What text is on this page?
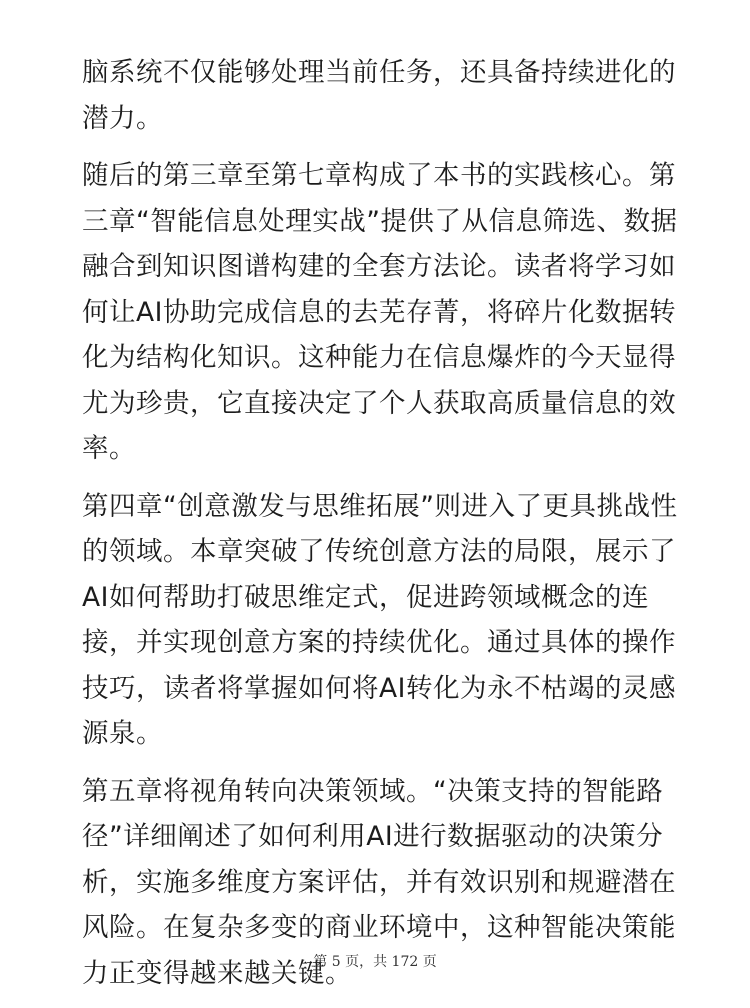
脑系统不仅能够处理当前任务，还具备持续进化的潜力。

随后的第三章至第七章构成了本书的实践核心。第三章“智能信息处理实战”提供了从信息筛选、数据融合到知识图谱构建的全套方法论。读者将学习如何让AI协助完成信息的去芜存菁，将碎片化数据转化为结构化知识。这种能力在信息爆炸的今天显得尤为珍贵，它直接决定了个人获取高质量信息的效率。

第四章“创意激发与思维拓展”则进入了更具挑战性的领域。本章突破了传统创意方法的局限，展示了AI如何帮助打破思维定式，促进跨领域概念的连接，并实现创意方案的持续优化。通过具体的操作技巧，读者将掌握如何将AI转化为永不枯竭的灵感源泉。

第五章将视角转向决策领域。“决策支持的智能路径”详细阐述了如何利用AI进行数据驱动的决策分析，实施多维度方案评估，并有效识别和规避潜在风险。在复杂多变的商业环境中，这种智能决策能力正变得越来越关键。

第 5 页，共 172 页
